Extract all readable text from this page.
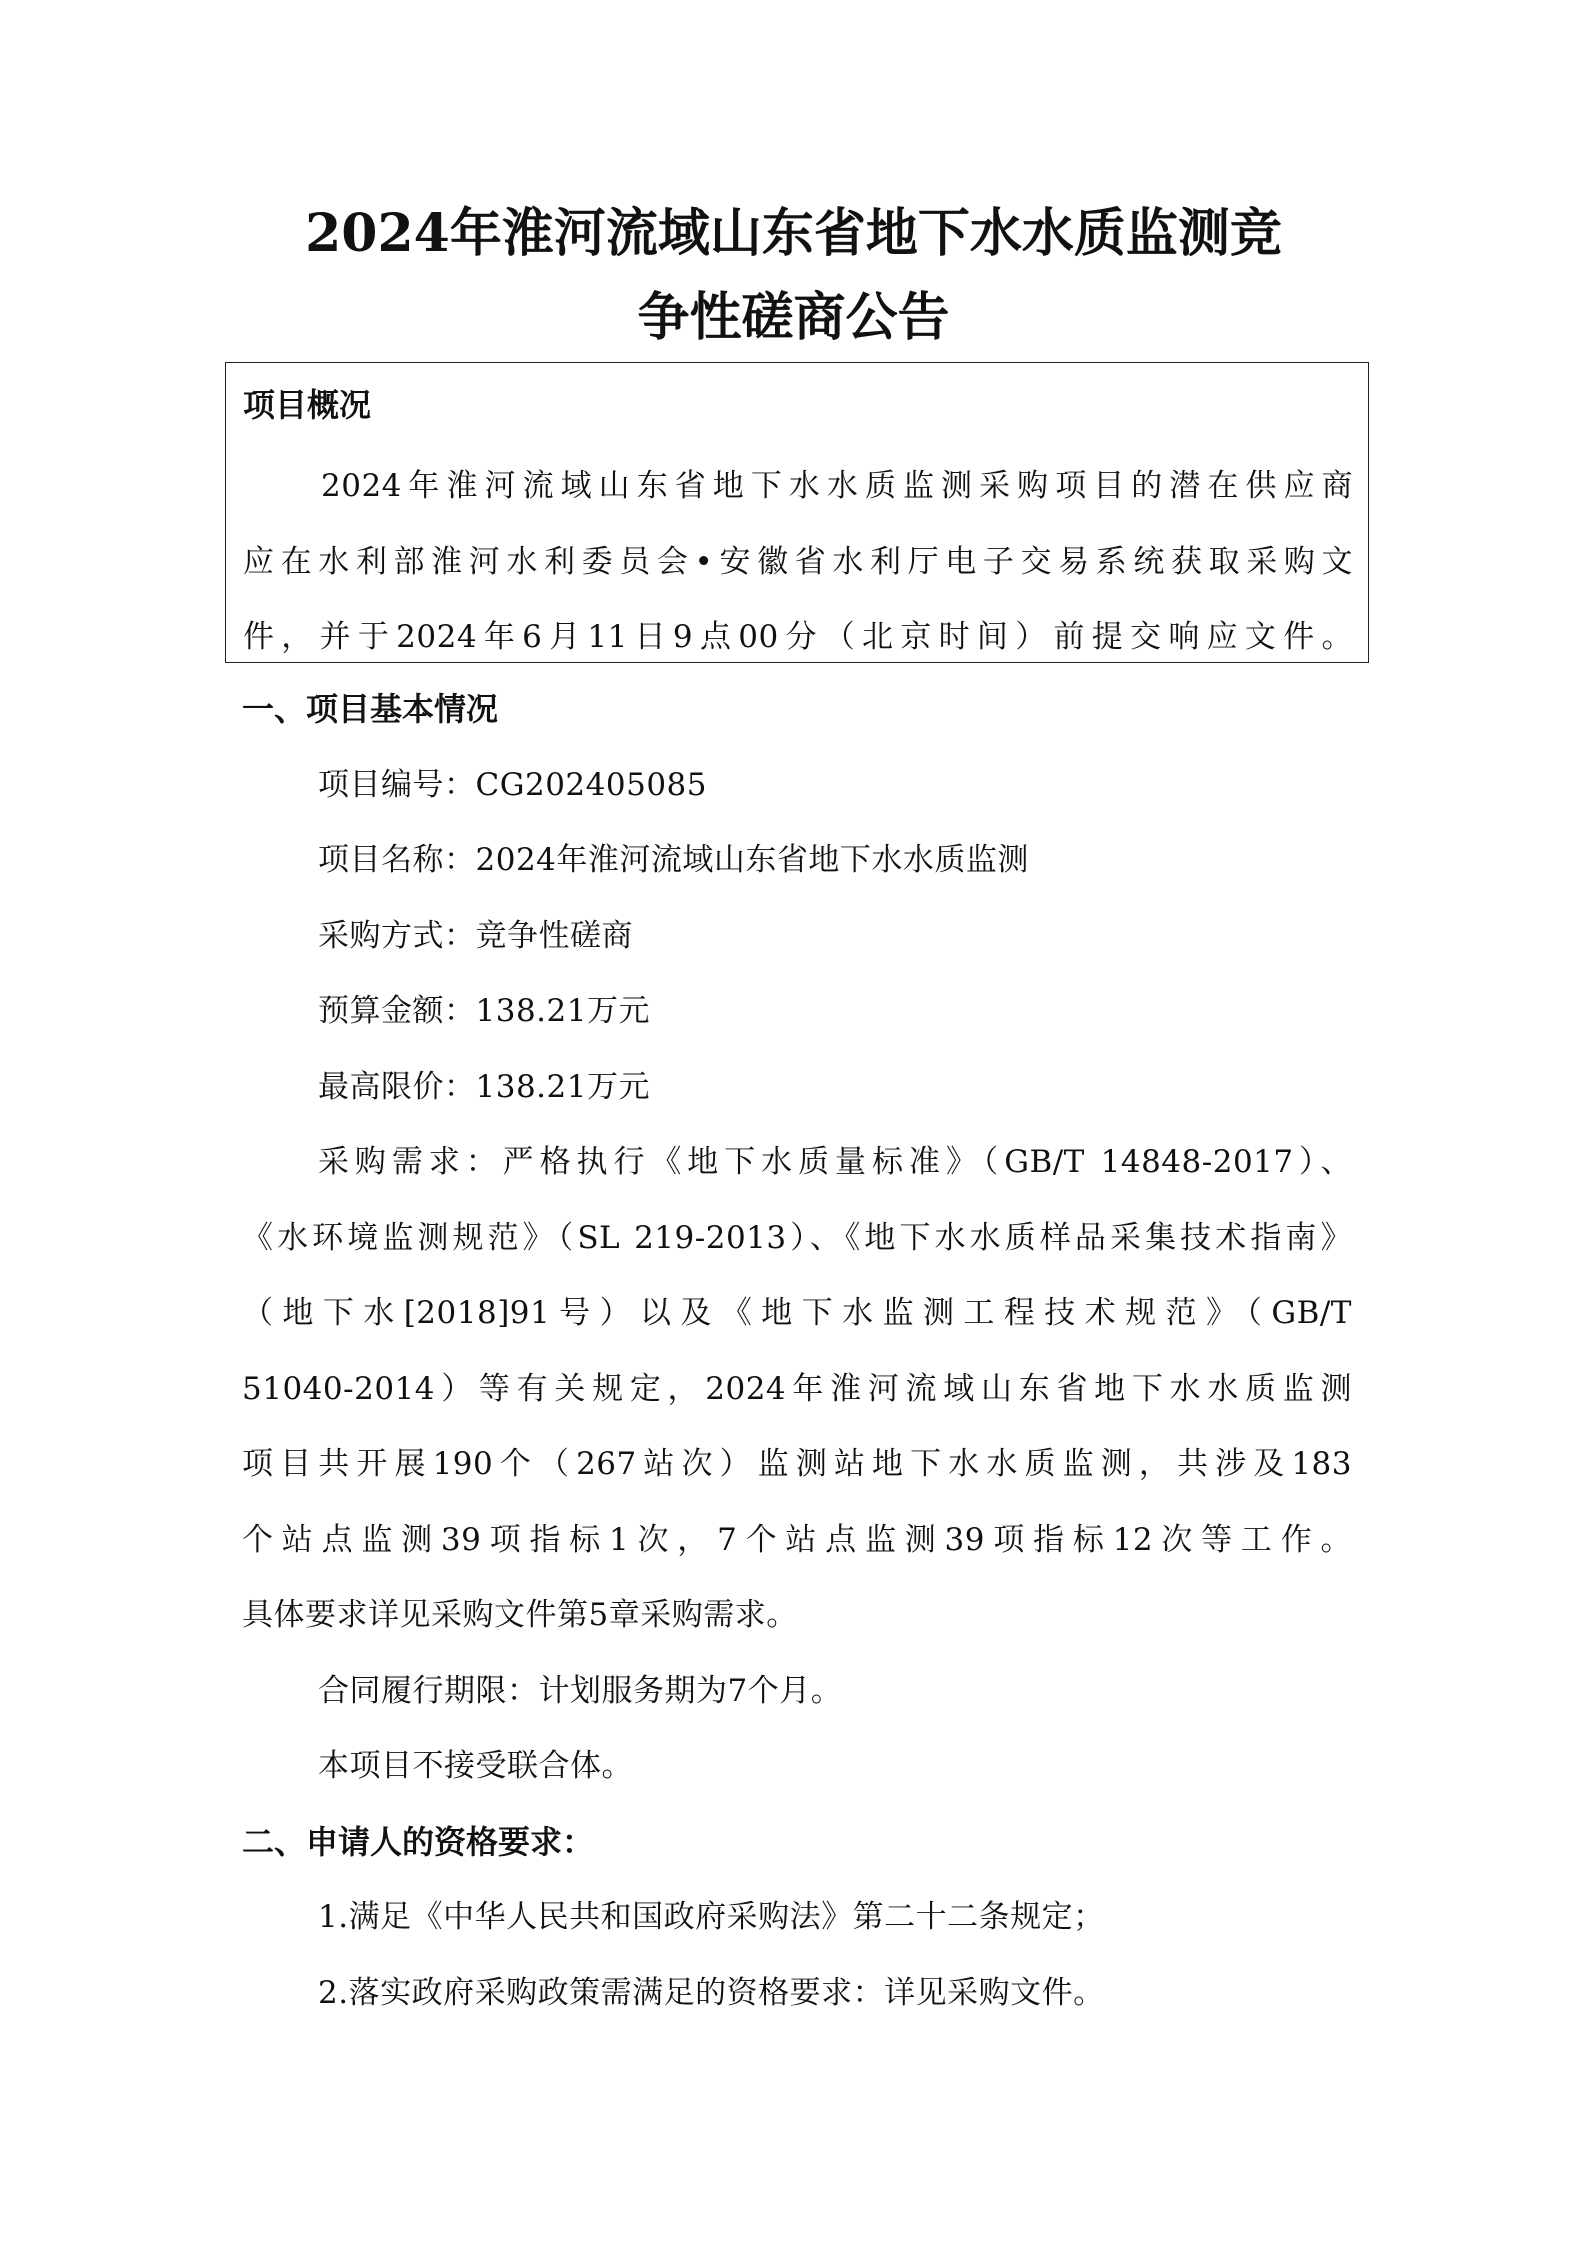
2024年淮河流域山东省地下水水质监测竞
争性磋商公告
项目概况
2024年淮河流域山东省地下水水质监测采购项目的潜在供应商
应在水利部淮河水利委员会•安徽省水利厅电子交易系统获取采购文
件，并于2024年6月11日9点00分（北京时间）前提交响应文件。
一、项目基本情况
项目编号：CG202405085
项目名称：2024年淮河流域山东省地下水水质监测
采购方式：竞争性磋商
预算金额：138.21万元
最高限价：138.21万元
采购需求：严格执行《地下水质量标准》（GB/T 14848-2017）、
《水环境监测规范》（SL 219-2013）、《地下水水质样品采集技术指南》
（地下水[2018]91号）以及《地下水监测工程技术规范》（GB/T
51040-2014）等有关规定，2024年淮河流域山东省地下水水质监测
项目共开展190个（267站次）监测站地下水水质监测，共涉及183
个站点监测39项指标1次，7个站点监测39项指标12次等工作。
具体要求详见采购文件第5章采购需求。
合同履行期限：计划服务期为7个月。
本项目不接受联合体。
二、申请人的资格要求：
1.满足《中华人民共和国政府采购法》第二十二条规定；
2.落实政府采购政策需满足的资格要求：详见采购文件。
